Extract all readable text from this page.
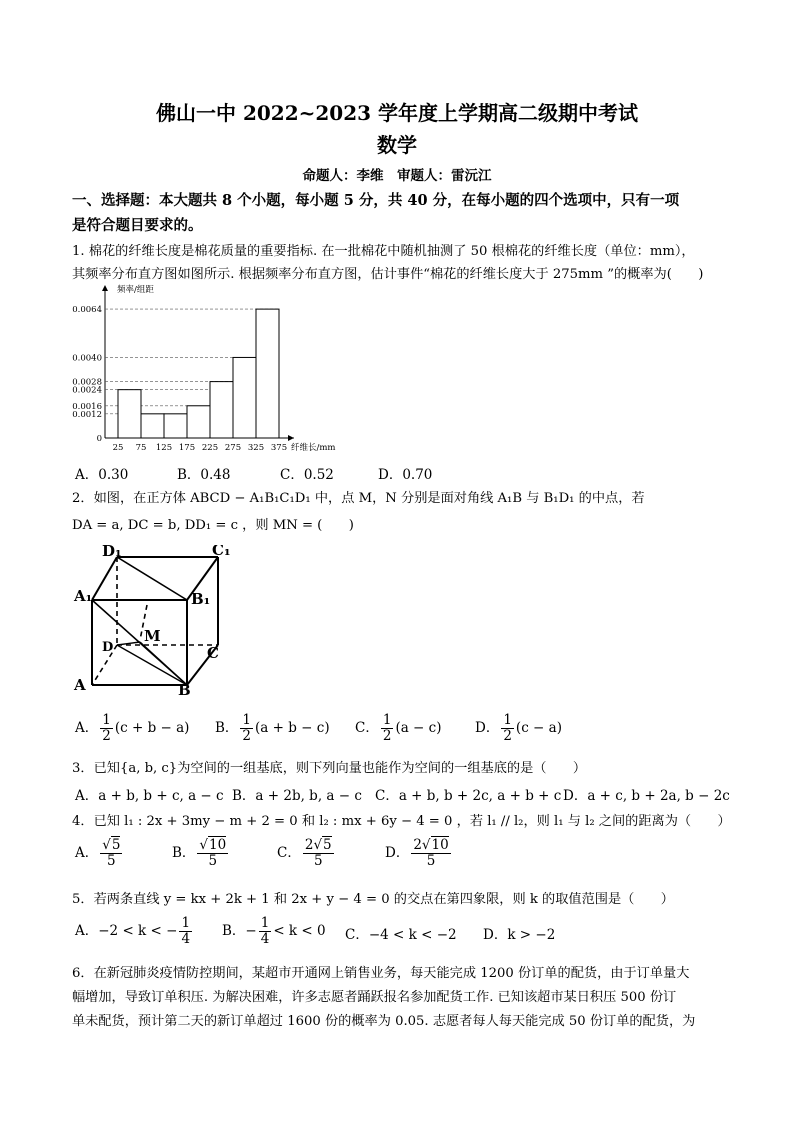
佛山一中 2022~2023 学年度上学期高二级期中考试
数学
命题人：李维　审题人：雷沅江
一、选择题：本大题共 8 个小题，每小题 5 分，共 40 分，在每小题的四个选项中，只有一项
是符合题目要求的。
1. 棉花的纤维长度是棉花质量的重要指标. 在一批棉花中随机抽测了 50 根棉花的纤维长度（单位：mm），
其频率分布直方图如图所示. 根据频率分布直方图，估计事件“棉花的纤维长度大于 275mm ”的概率为(　　)
0
0.0012
0.0016
0.0024
0.0028
0.0040
0.0064
25 75 125 175 225 275 325 375
频率/组距
纤维长/mm
A．0.30	B．0.48	C．0.52	D．0.70
2．如图，在正方体 ABCD − A₁B₁C₁D₁ 中，点 M，N 分别是面对角线 A₁B 与 B₁D₁ 的中点，若
DA = a, DC = b, DD₁ = c ，则 MN = (　　)
D₁	C₁
A₁	B₁
M
D	C
A	B
A． $\frac{1}{2} (c + b - a)$ B． $\frac{1}{2} (a + b - c)$ C． $\frac{1}{2} (a - c)$ D． $\frac{1}{2} (c - a)$
3．已知{a, b, c}为空间的一组基底，则下列向量也能作为空间的一组基底的是（　　）
A．a + b, b + c, a − c B．a + 2b, b, a − c C．a + b, b + 2c, a + b + c D．a + c, b + 2a, b − 2c
4．已知 l₁ : 2x + 3my − m + 2 = 0 和 l₂ : mx + 6y − 4 = 0 ，若 l₁ // l₂，则 l₁ 与 l₂ 之间的距离为（　　）
A． $\frac{√5}{5}$	B． $\frac{√10}{5}$	C． $\frac{2√5}{5}$	D． $\frac{2√10}{5}$
5．若两条直线 y = kx + 2k + 1 和 2x + y − 4 = 0 的交点在第四象限，则 k 的取值范围是（　　）
A．−2 < k < − $\frac{1}{4}$ B．− $\frac{1}{4} < k < 0$ C．−4 < k < −2 D．k > −2
6．在新冠肺炎疫情防控期间，某超市开通网上销售业务，每天能完成 1200 份订单的配货，由于订单量大
幅增加，导致订单积压. 为解决困难，许多志愿者踊跃报名参加配货工作. 已知该超市某日积压 500 份订
单未配货，预计第二天的新订单超过 1600 份的概率为 0.05. 志愿者每人每天能完成 50 份订单的配货，为
